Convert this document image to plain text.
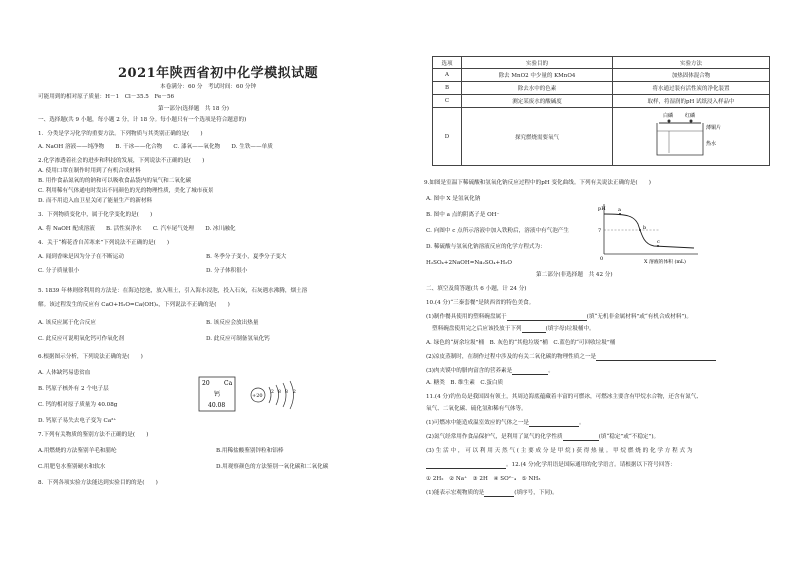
2021年陕西省初中化学模拟试题
本卷满分：60 分　考试时间：60 分钟
可能用到的相对原子质量：H－1　Cl－35.5　Fe－56
第一部分(选择题　共 18 分)
一、选择题(共 9 小题，每小题 2 分，计 18 分。每小题只有一个选项是符合题意的)
1．分类是学习化学的重要方法。下列物质与其类别正确的是(　　)
A. NaOH 溶液——纯净物　　B. 干冰——化合物　　C. 漆氧——氧化物　　D. 生铁——单质
2.化学渗透着社会的进步和科技的发展，下列说法不正确的是(　　)
A. 使用口罩在制作时用到了有机合成材料
B. 用作食品氮氧的的钠和可以吸收食品袋内的氧气和二氧化碳
C. 利用稀有气体通电时发出不同颜色的光的物理性质，美化了城市夜景
D. 而不用追入血卫星关闭了能量生产的新材料
3．下列物质变化中，属于化学变化的是(　　)
A. 将 NaOH 配成溶液　　B. 活性炭净水　　C. 汽车尾气处理　　D. 冰川融化
4．关于“梅花香自苦寒来”下列说法不正确的是(　　)
A. 闻到香味是因为分子在不断运动	B. 冬季分子变小，夏季分子变大
C. 分子质量很小	D. 分子体积很小
5. 1839 年林则徐利用的方法是：在海边挖池，放入咀土，引入海水浸泡，投入石灰，石灰遇水沸腾，烟土溶
解。该过程发生的反应有 CaO+H₂O=Ca(OH)₂，下列说法不正确的是(　　)
A. 该反应属于化合反应	B. 该反应会放出热量
C. 此反应可说明氧化钙可作氧化剂	D. 此反应可制备氢氧化钙
6.根据图示分析，下列说法正确的是(　　)
A. 人体缺钙易患贫血
B. 钙原子核外有 2 个电子层
C. 钙的相对原子质量为 40.08g
D. 钙原子易失去电子变为 Ca²⁺
20 Ca
钙
40.08
+20
2 8 8 2
7.下列有关物质的鉴别方法不正确的是(　　)
A.用燃烧的方法鉴别羊毛和腈纶	B.用稀盐酸鉴别锌粒和铝棒
C.用肥皂水鉴别硬水和软水	D.用观察颜色的方法鉴别一氧化碳和二氧化碳
8．下列各项实验方法能达到实验目的的是(　　)
选项	实验目的	实验方法
A	除去 MnO2 中少量的 KMnO4	加热固体混合物
B	除去水中的色素	将水通过装有活性炭的净化装置
C	测定某废水的酸碱度	取样，将湿润的pH 试纸浸入样品中
D	探究燃烧需要氧气	白磷 红磷
薄铜片
热水
9.如图是室温下稀硫酸和氢氧化钠反应过程中的pH 变化曲线。下列有关说法正确的是(　　)
A. 图中 X 是氢氧化钠
B. 图中 a 点的阴离子是 OH⁻
C. 向图中 c 点所示溶液中加入铁粉后，溶液中有气泡产生
D. 稀硫酸与氢氧化钠溶液反应的化学方程式为：
H₂SO₄+2NaOH=Na₂SO₄+H₂O
pH
0
7
a
b
c
X 溶液的体积 (mL)
第二部分(非选择题　共 42 分)
二、填空及简答题(共 6 小题，计 24 分)
10.(4 分)“三秦套餐”是陕西省的特色美食。
(1)制作餐具使用的塑料碗盘属于	(填“无机非金属材料”或“有机合成材料”)。
塑料碗盘使用完之后应该投放于下列	(填字母)垃圾桶中。
A. 绿色的“厨余垃圾”桶　B. 灰色的“其他垃圾”桶　C.蓝色的“可回收垃圾”桶
(2)凉皮蒸制时，在制作过程中涉及的有关二氧化碳的物理性质之一是
(3)肉夹馍中的腊肉富含的营养素是	。
A. 糖类　B. 维生素　C.蛋白质
11.(4 分)钓鱼岛是我国固有领土，其周边海底蕴藏着丰富的可燃冰，可燃冰主要含有甲烷水合物，还含有氮气、
氧气、二氧化碳、硫化氢和稀有气体等。
(1)可燃冰中能造成温室效应的气体之一是	。
(2)氮气经常用作食品保护气，是利用了氮气的化学性质	(填“稳定”或“不稳定”)。
(3) 生 活 中 ， 可 以 利 用 天 然 气 ( 主 要 成 分 是 甲 烷 ) 获 得 热 量 。 甲 烷 燃 烧 的 化 学 方 程 式 为
。12.(4 分)化学用语是国际通用的化学语言。请根据以下符号回答：
① 2H₂　② Na⁺　③ 2H　④ SO²⁻₄　⑤ NH₃
(1)能表示宏观物质的是	(填序号，下同)。
